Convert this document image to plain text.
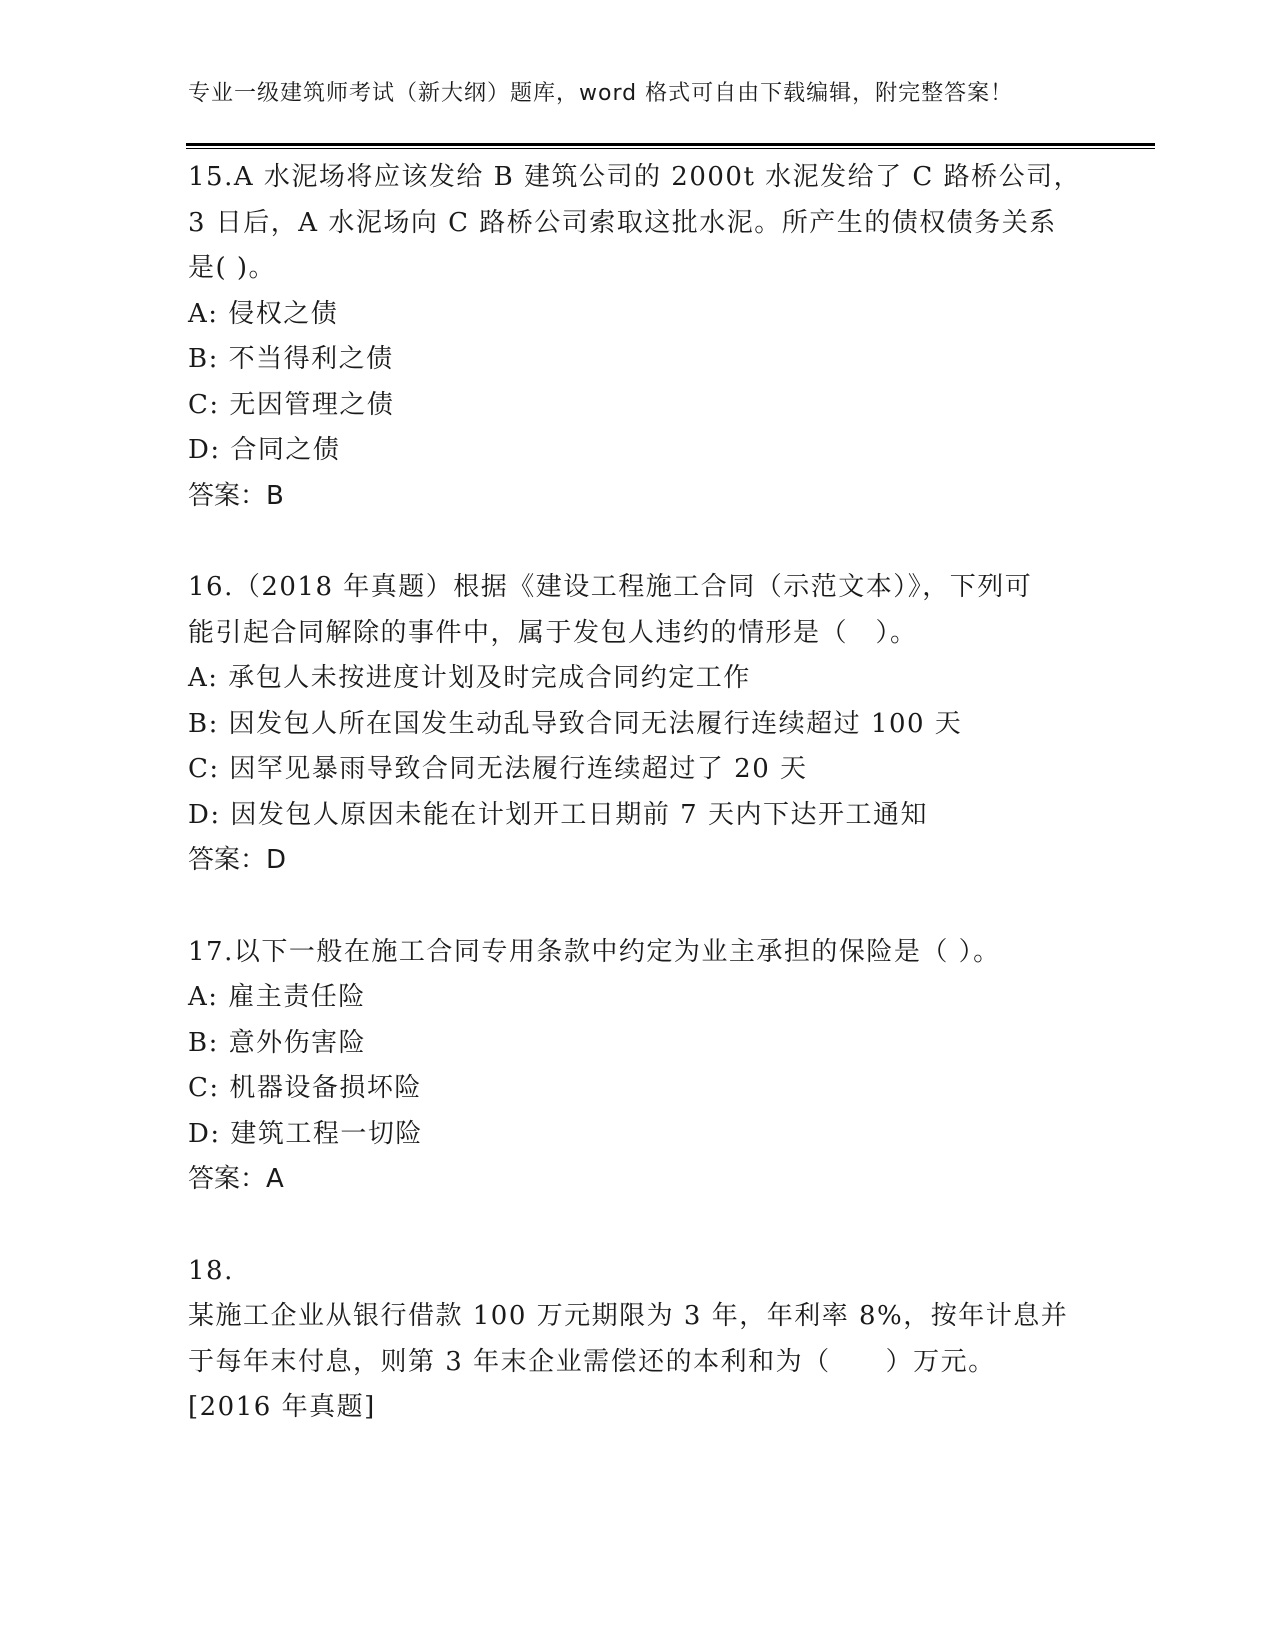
专业一级建筑师考试（新大纲）题库，word 格式可自由下载编辑，附完整答案！
15.A 水泥场将应该发给 B 建筑公司的 2000t 水泥发给了 C 路桥公司，
3 日后，A 水泥场向 C 路桥公司索取这批水泥。所产生的债权债务关系
是( )。
A: 侵权之债
B: 不当得利之债
C: 无因管理之债
D: 合同之债
答案：B
16.（2018 年真题）根据《建设工程施工合同（示范文本）》，下列可
能引起合同解除的事件中，属于发包人违约的情形是（　）。
A: 承包人未按进度计划及时完成合同约定工作
B: 因发包人所在国发生动乱导致合同无法履行连续超过 100 天
C: 因罕见暴雨导致合同无法履行连续超过了 20 天
D: 因发包人原因未能在计划开工日期前 7 天内下达开工通知
答案：D
17.以下一般在施工合同专用条款中约定为业主承担的保险是（ ）。
A: 雇主责任险
B: 意外伤害险
C: 机器设备损坏险
D: 建筑工程一切险
答案：A
18.
某施工企业从银行借款 100 万元期限为 3 年，年利率 8%，按年计息并
于每年末付息，则第 3 年末企业需偿还的本利和为（　　）万元。
[2016 年真题]
